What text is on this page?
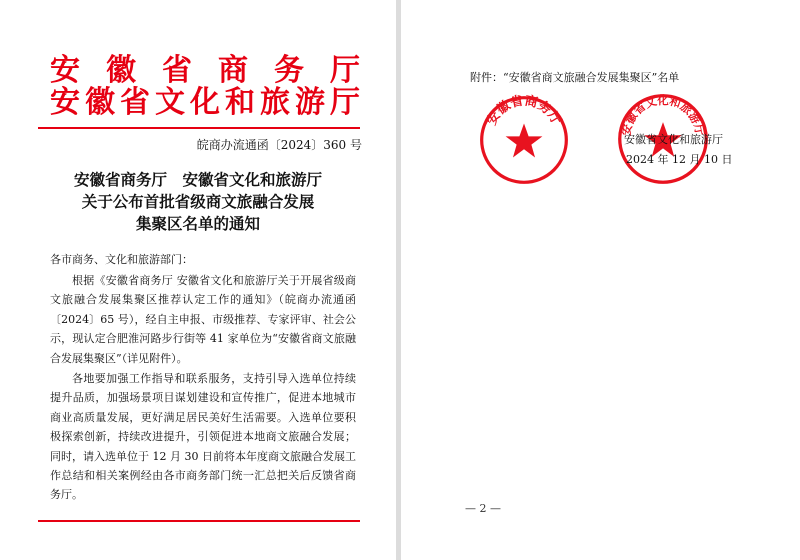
安 徽 省 商 务 厅
安徽省文化和旅游厅
皖商办流通函〔2024〕360 号
安徽省商务厅　安徽省文化和旅游厅
关于公布首批省级商文旅融合发展
集聚区名单的通知
各市商务、文化和旅游部门：
根据《安徽省商务厅 安徽省文化和旅游厅关于开展省级商文旅融合发展集聚区推荐认定工作的通知》（皖商办流通函〔2024〕65 号），经自主申报、市级推荐、专家评审、社会公示，现认定合肥淮河路步行街等 41 家单位为“安徽省商文旅融合发展集聚区”（详见附件）。
各地要加强工作指导和联系服务，支持引导入选单位持续提升品质，加强场景项目谋划建设和宣传推广，促进本地城市商业高质量发展，更好满足居民美好生活需要。入选单位要积极探索创新，持续改进提升，引领促进本地商文旅融合发展；同时，请入选单位于 12 月 30 日前将本年度商文旅融合发展工作总结和相关案例经由各市商务部门统一汇总把关后反馈省商务厅。
附件：“安徽省商文旅融合发展集聚区”名单
安徽省商务厅
安徽省文化和旅游厅
安徽省文化和旅游厅
2024 年 12 月 10 日
— 2 —
